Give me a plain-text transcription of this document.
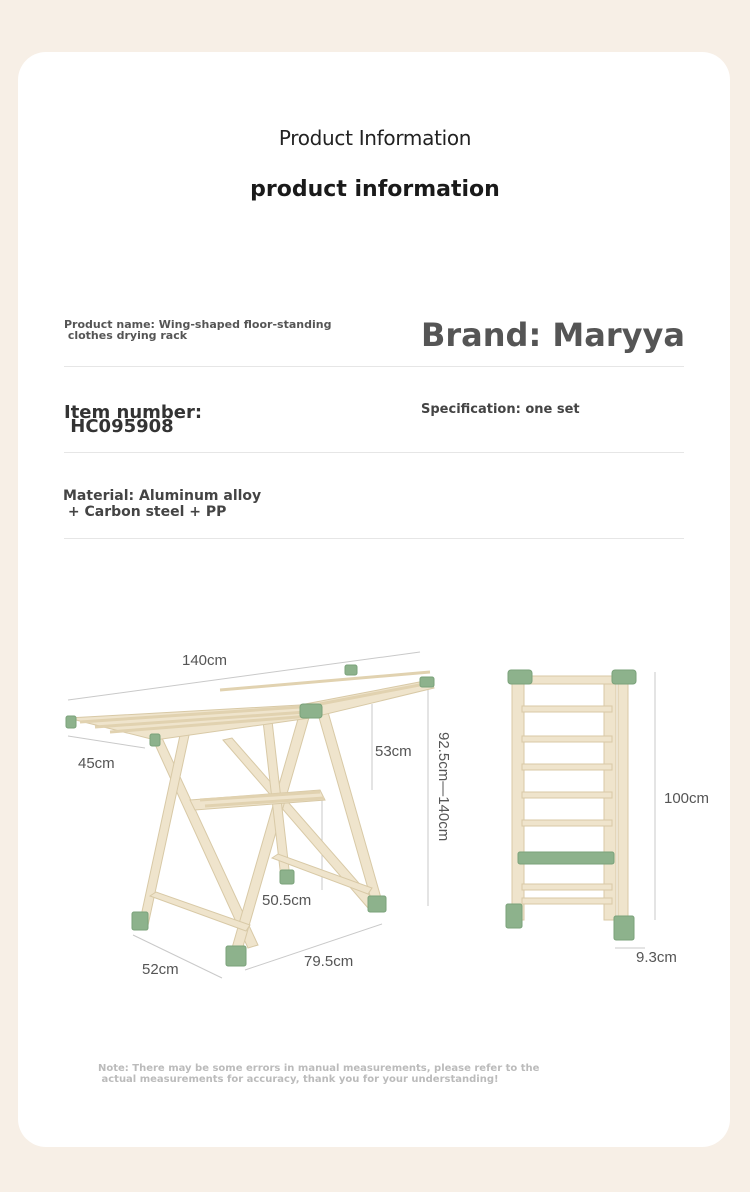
Product Information
product information
Product name: Wing-shaped floor-standing
clothes drying rack	Brand: Maryya
Item number:
HC095908
Specification: one set
Material: Aluminum alloy
+ Carbon steel + PP
140cm
45cm
53cm 92.5cm—140cm
50.5cm
52cm	79.5cm
100cm
9.3cm
Note: There may be some errors in manual measurements, please refer to the
actual measurements for accuracy, thank you for your understanding!
